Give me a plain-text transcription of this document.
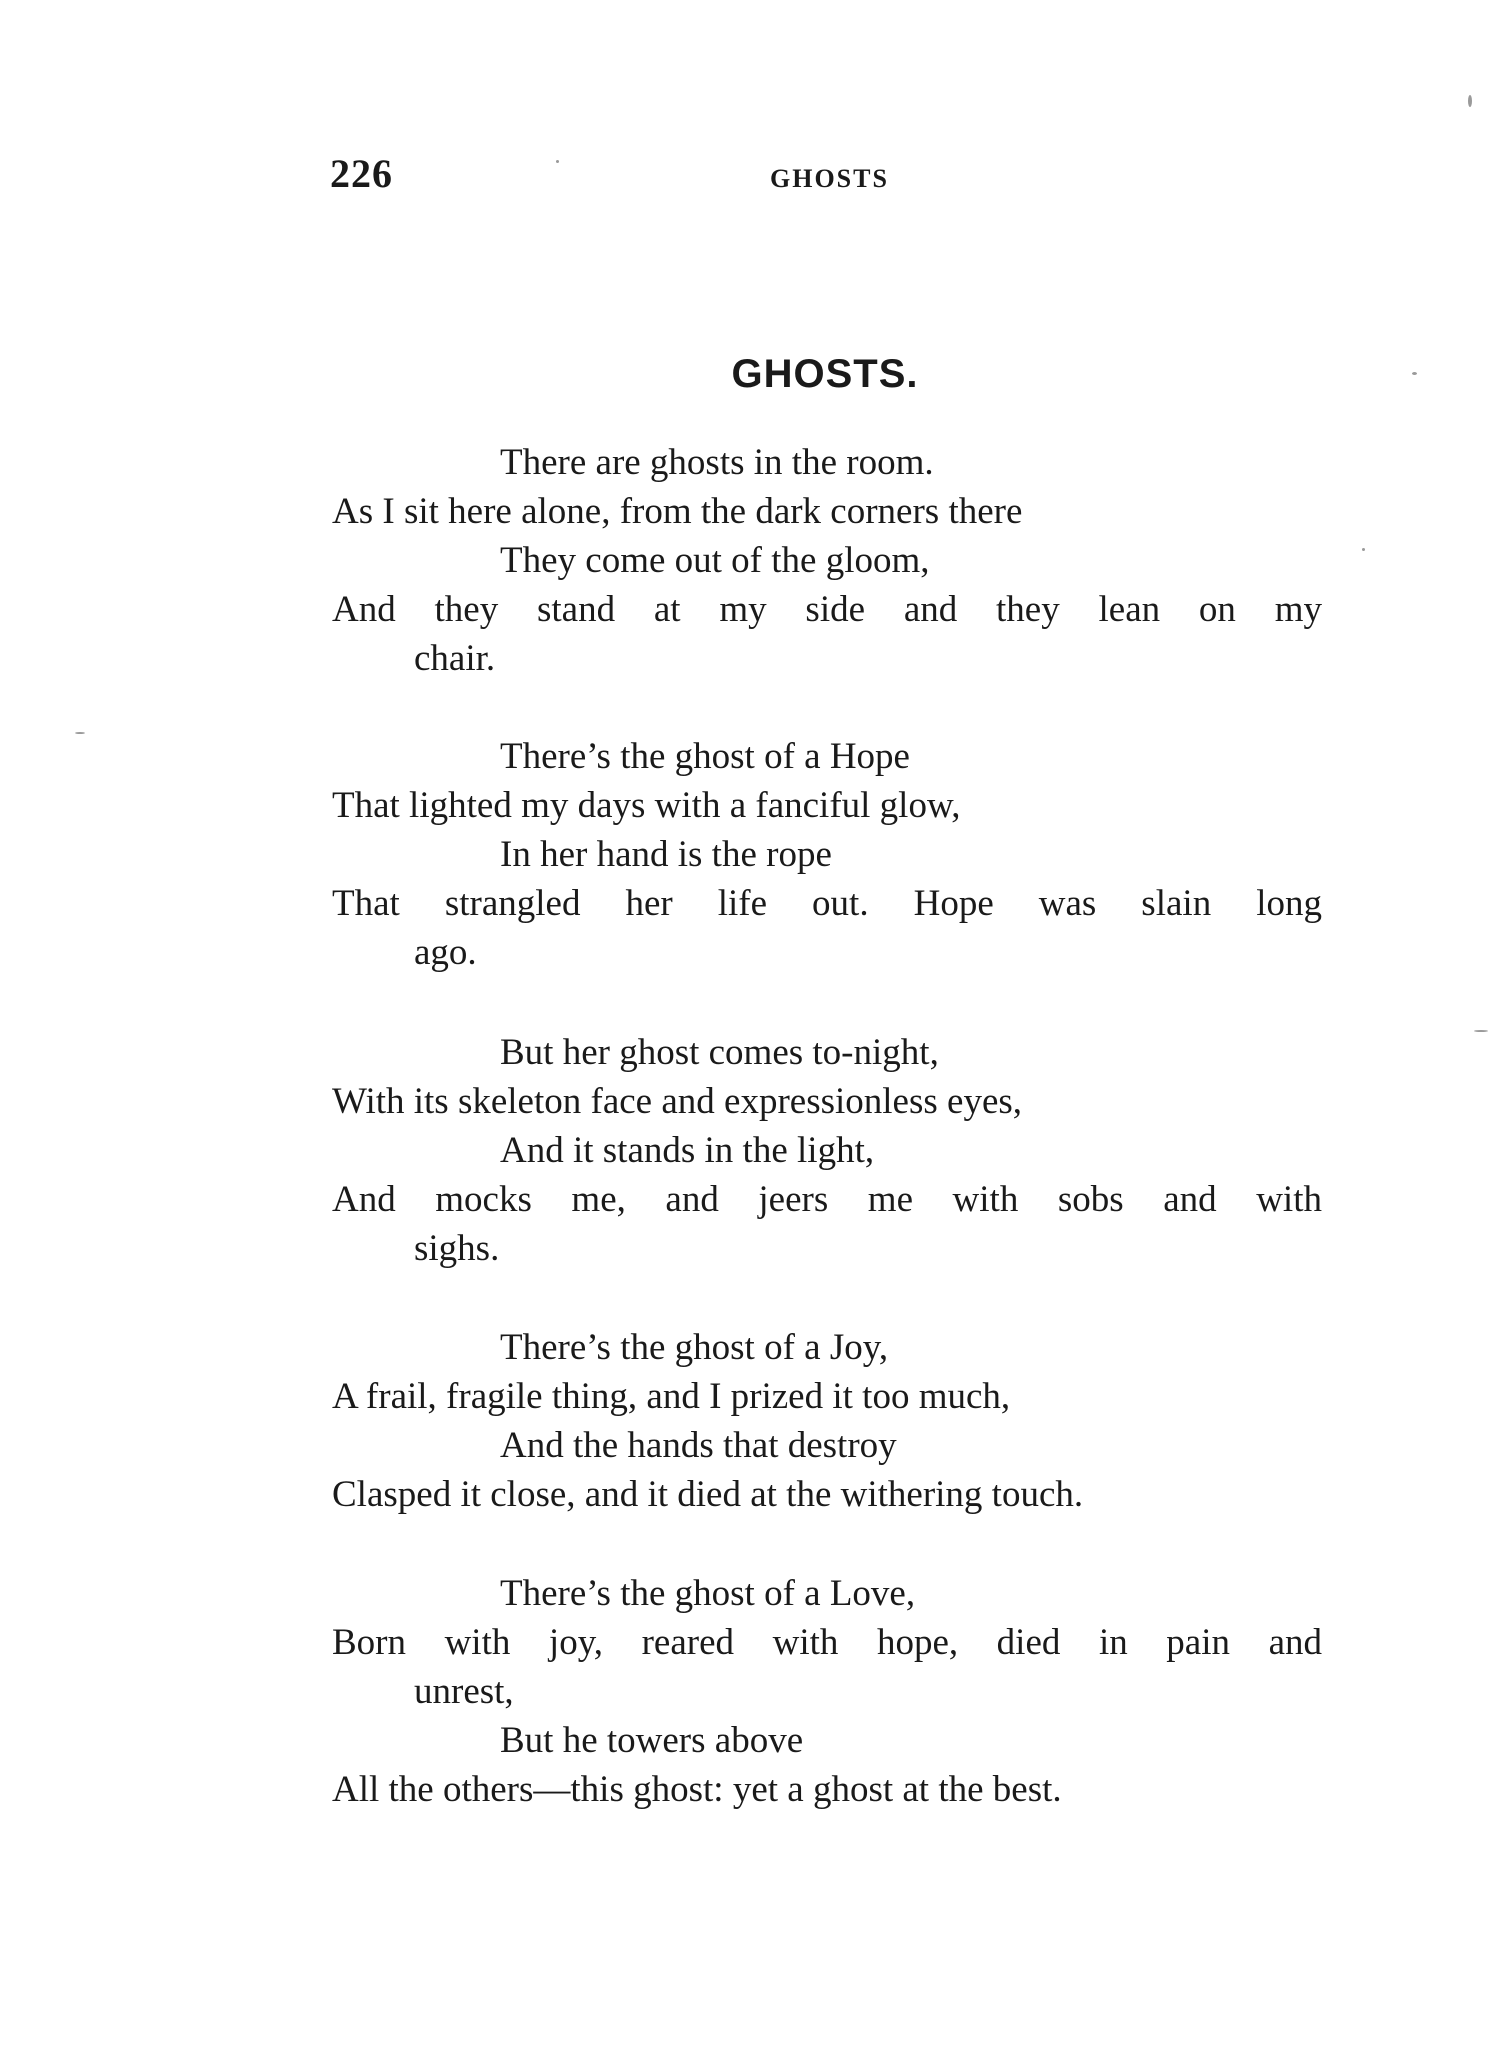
226	GHOSTS
GHOSTS.
There are ghosts in the room.
As I sit here alone, from the dark corners there
They come out of the gloom,
And they stand at my side and they lean on my
chair.
There’s the ghost of a Hope
That lighted my days with a fanciful glow,
In her hand is the rope
That strangled her life out. Hope was slain long
ago.
But her ghost comes to-night,
With its skeleton face and expressionless eyes,
And it stands in the light,
And mocks me, and jeers me with sobs and with
sighs.
There’s the ghost of a Joy,
A frail, fragile thing, and I prized it too much,
And the hands that destroy
Clasped it close, and it died at the withering touch.
There’s the ghost of a Love,
Born with joy, reared with hope, died in pain and
unrest,
But he towers above
All the others—this ghost: yet a ghost at the best.
